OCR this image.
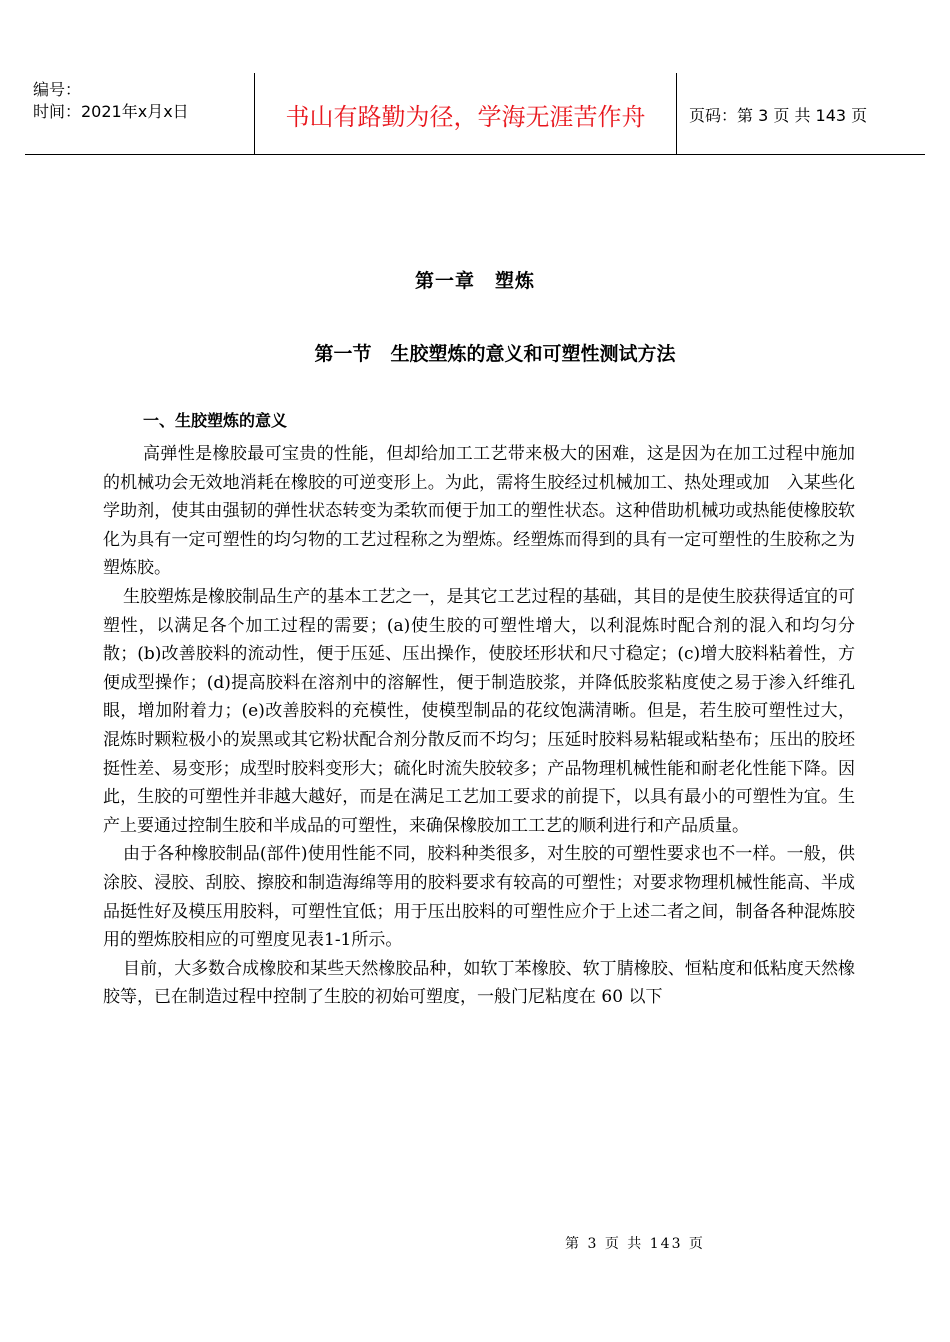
编号：
时间：2021年x月x日	书山有路勤为径，学海无涯苦作舟	页码：第 3 页 共 143 页
第一章　塑炼
第一节　生胶塑炼的意义和可塑性测试方法
一、生胶塑炼的意义

高弹性是橡胶最可宝贵的性能，但却给加工工艺带来极大的困难，这是因为在加工过程中施加的机械功会无效地消耗在橡胶的可逆变形上。为此，需将生胶经过机械加工、热处理或加　入某些化学助剂，使其由强韧的弹性状态转变为柔软而便于加工的塑性状态。这种借助机械功或热能使橡胶软化为具有一定可塑性的均匀物的工艺过程称之为塑炼。经塑炼而得到的具有一定可塑性的生胶称之为塑炼胶。

生胶塑炼是橡胶制品生产的基本工艺之一，是其它工艺过程的基础，其目的是使生胶获得适宜的可塑性，以满足各个加工过程的需要；(a)使生胶的可塑性增大，以利混炼时配合剂的混入和均匀分散；(b)改善胶料的流动性，便于压延、压出操作，使胶坯形状和尺寸稳定；(c)增大胶料粘着性，方便成型操作；(d)提高胶料在溶剂中的溶解性，便于制造胶浆，并降低胶浆粘度使之易于渗入纤维孔眼，增加附着力；(e)改善胶料的充模性，使模型制品的花纹饱满清晰。但是，若生胶可塑性过大，混炼时颗粒极小的炭黑或其它粉状配合剂分散反而不均匀；压延时胶料易粘辊或粘垫布；压出的胶坯挺性差、易变形；成型时胶料变形大；硫化时流失胶较多；产品物理机械性能和耐老化性能下降。因此，生胶的可塑性并非越大越好，而是在满足工艺加工要求的前提下，以具有最小的可塑性为宜。生产上要通过控制生胶和半成品的可塑性，来确保橡胶加工工艺的顺利进行和产品质量。

由于各种橡胶制品(部件)使用性能不同，胶料种类很多，对生胶的可塑性要求也不一样。一般，供涂胶、浸胶、刮胶、擦胶和制造海绵等用的胶料要求有较高的可塑性；对要求物理机械性能高、半成品挺性好及模压用胶料，可塑性宜低；用于压出胶料的可塑性应介于上述二者之间，制备各种混炼胶用的塑炼胶相应的可塑度见表1-1所示。

目前，大多数合成橡胶和某些天然橡胶品种，如软丁苯橡胶、软丁腈橡胶、恒粘度和低粘度天然橡胶等，已在制造过程中控制了生胶的初始可塑度，一般门尼粘度在 60 以下

第 3 页 共 143 页
